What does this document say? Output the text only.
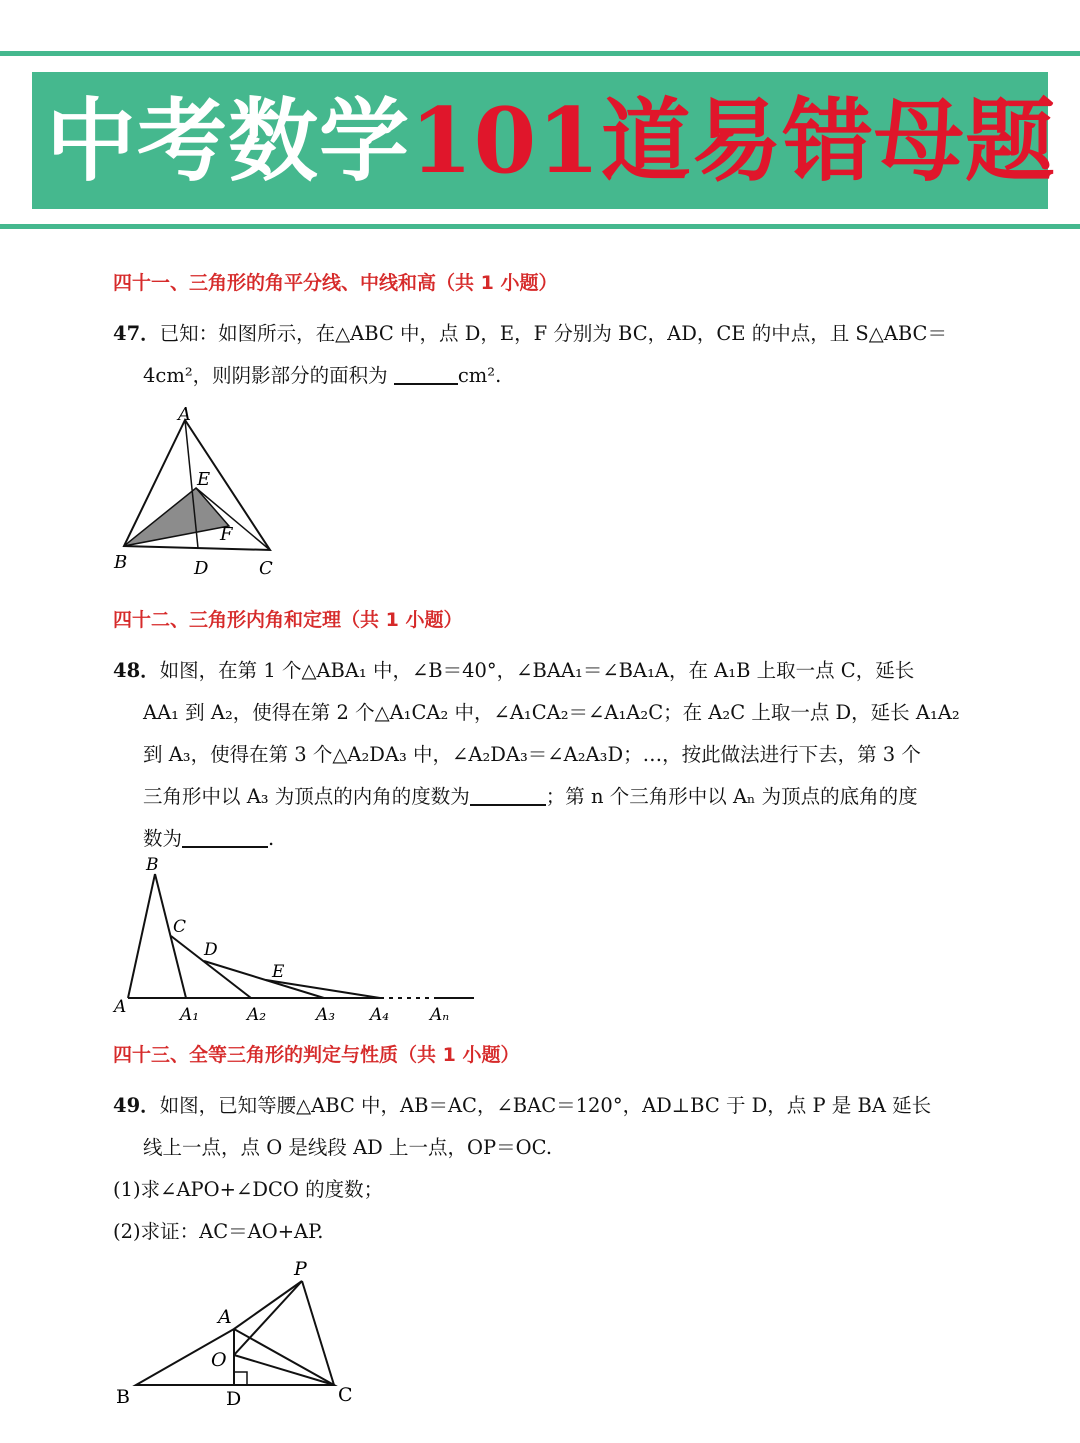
中考数学 101道易错母题
四十一、三角形的角平分线、中线和高（共 1 小题）
47．已知：如图所示，在△ABC 中，点 D，E，F 分别为 BC，AD，CE 的中点，且 S△ABC＝
4cm²，则阴影部分的面积为	cm².
A
E
F
B	D	C
四十二、三角形内角和定理（共 1 小题）
48．如图，在第 1 个△ABA₁ 中，∠B＝40°，∠BAA₁＝∠BA₁A，在 A₁B 上取一点 C，延长
AA₁ 到 A₂，使得在第 2 个△A₁CA₂ 中，∠A₁CA₂＝∠A₁A₂C；在 A₂C 上取一点 D，延长 A₁A₂
到 A₃，使得在第 3 个△A₂DA₃ 中，∠A₂DA₃＝∠A₂A₃D；…，按此做法进行下去，第 3 个
三角形中以 A₃ 为顶点的内角的度数为	；第 n 个三角形中以 Aₙ 为顶点的底角的度
数为	.
B
C
D
E
A	A₁	A₂	A₃ A₄ Aₙ
四十三、全等三角形的判定与性质（共 1 小题）
49．如图，已知等腰△ABC 中，AB＝AC，∠BAC＝120°，AD⊥BC 于 D，点 P 是 BA 延长
线上一点，点 O 是线段 AD 上一点，OP＝OC.
(1)求∠APO+∠DCO 的度数；
(2)求证：AC＝AO+AP.
P
A
O
B	D	C
